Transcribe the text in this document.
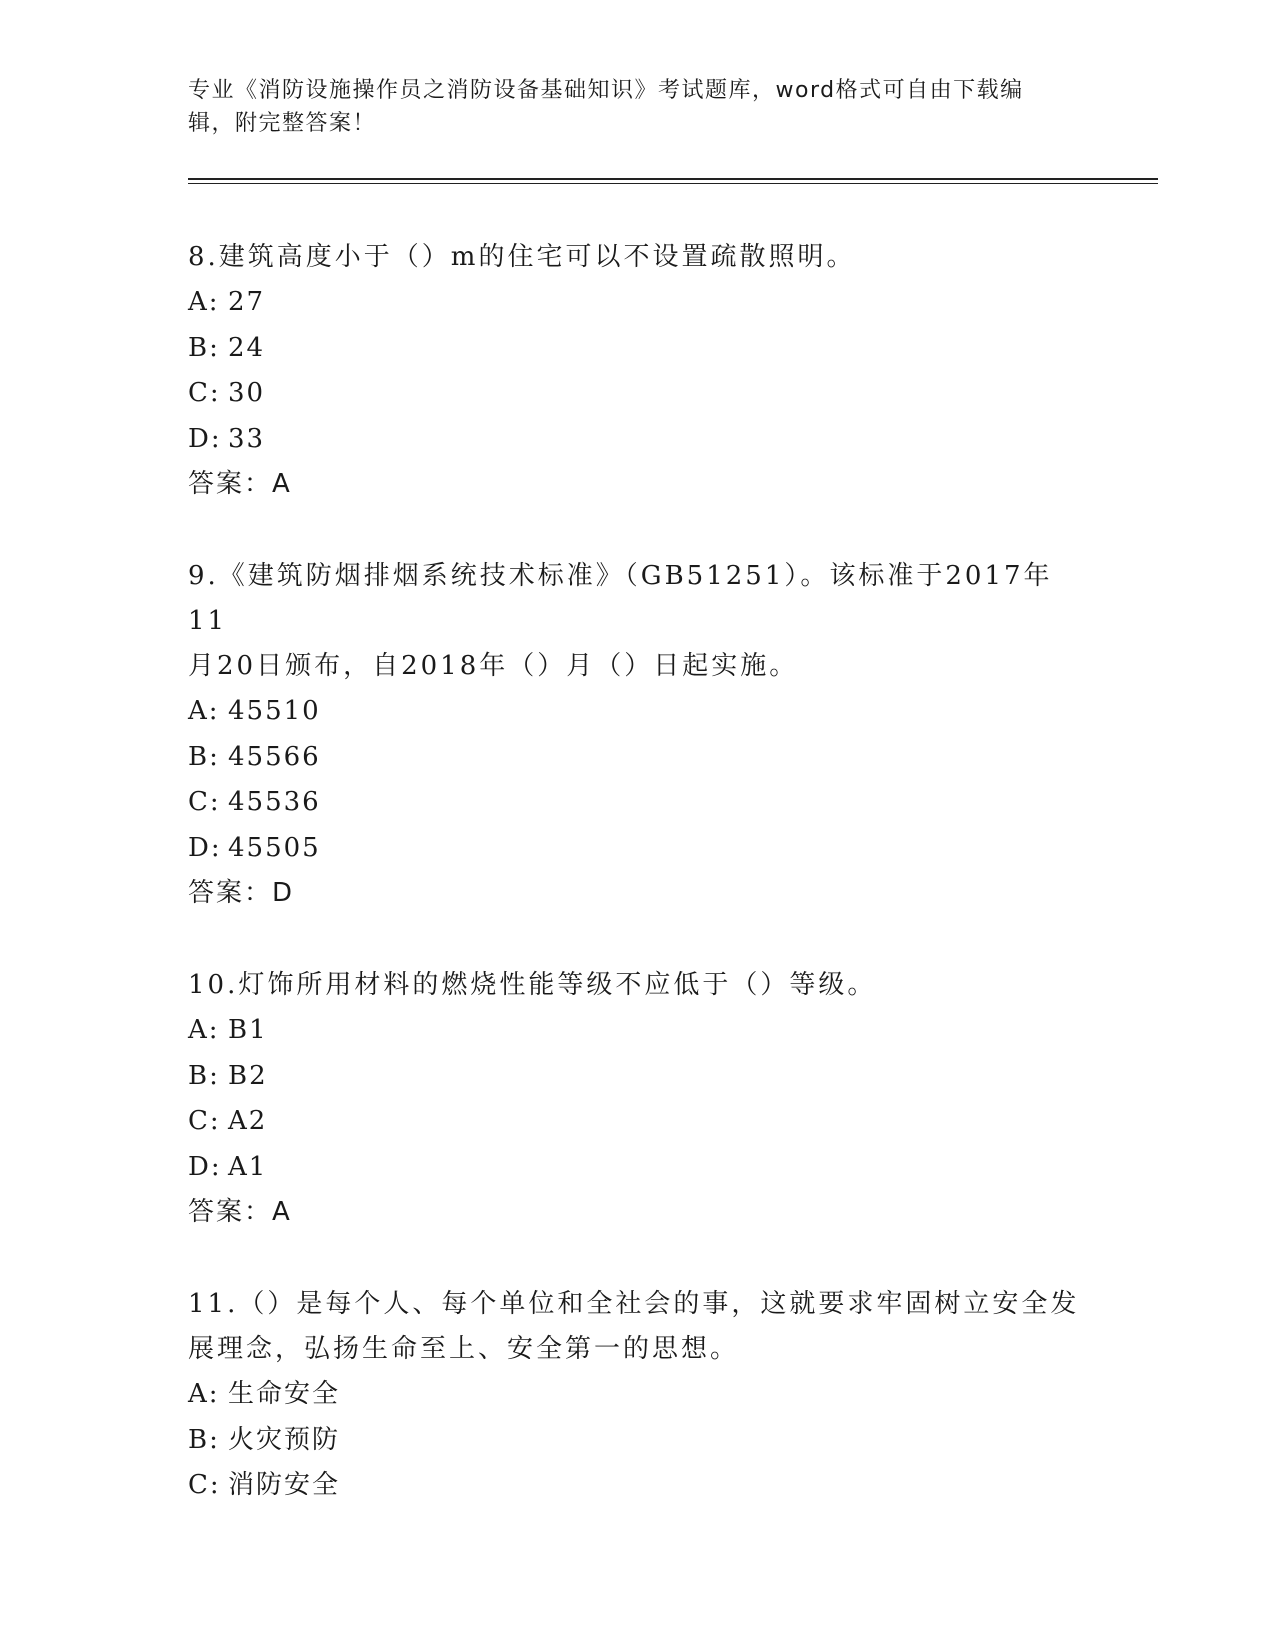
专业《消防设施操作员之消防设备基础知识》考试题库，word格式可自由下载编
辑，附完整答案！

8.建筑高度小于（）m的住宅可以不设置疏散照明。

A: 27

B: 24

C: 30

D: 33

答案：A

9.《建筑防烟排烟系统技术标准》（GB51251）。该标准于2017年11

月20日颁布，自2018年（）月（）日起实施。

A: 45510

B: 45566

C: 45536

D: 45505

答案：D

10.灯饰所用材料的燃烧性能等级不应低于（）等级。

A: B1

B: B2

C: A2

D: A1

答案：A

11.（）是每个人、每个单位和全社会的事，这就要求牢固树立安全发

展理念，弘扬生命至上、安全第一的思想。

A: 生命安全

B: 火灾预防

C: 消防安全
